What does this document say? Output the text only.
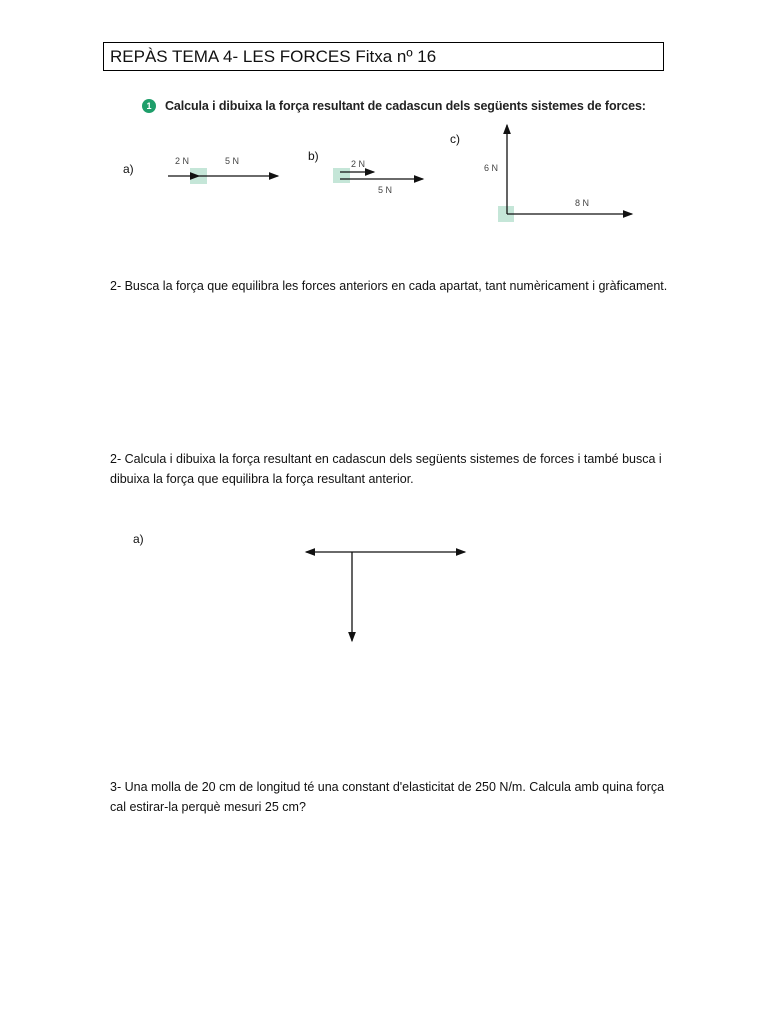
REPÀS TEMA 4- LES FORCES Fitxa nº 16
1	Calcula i dibuixa la força resultant de cadascun dels següents sistemes de forces:
a)
b)
c)
2 N	5 N	2 N
5 N
6 N
8 N
2- Busca la força que equilibra les forces anteriors en cada apartat, tant numèricament i gràficament.
2- Calcula i dibuixa la força resultant en cadascun dels següents sistemes de forces i també busca i dibuixa la força que equilibra la força resultant anterior.
a)
3- Una molla de 20 cm de longitud té una constant d'elasticitat de 250 N/m. Calcula amb quina força cal estirar-la perquè mesuri 25 cm?
